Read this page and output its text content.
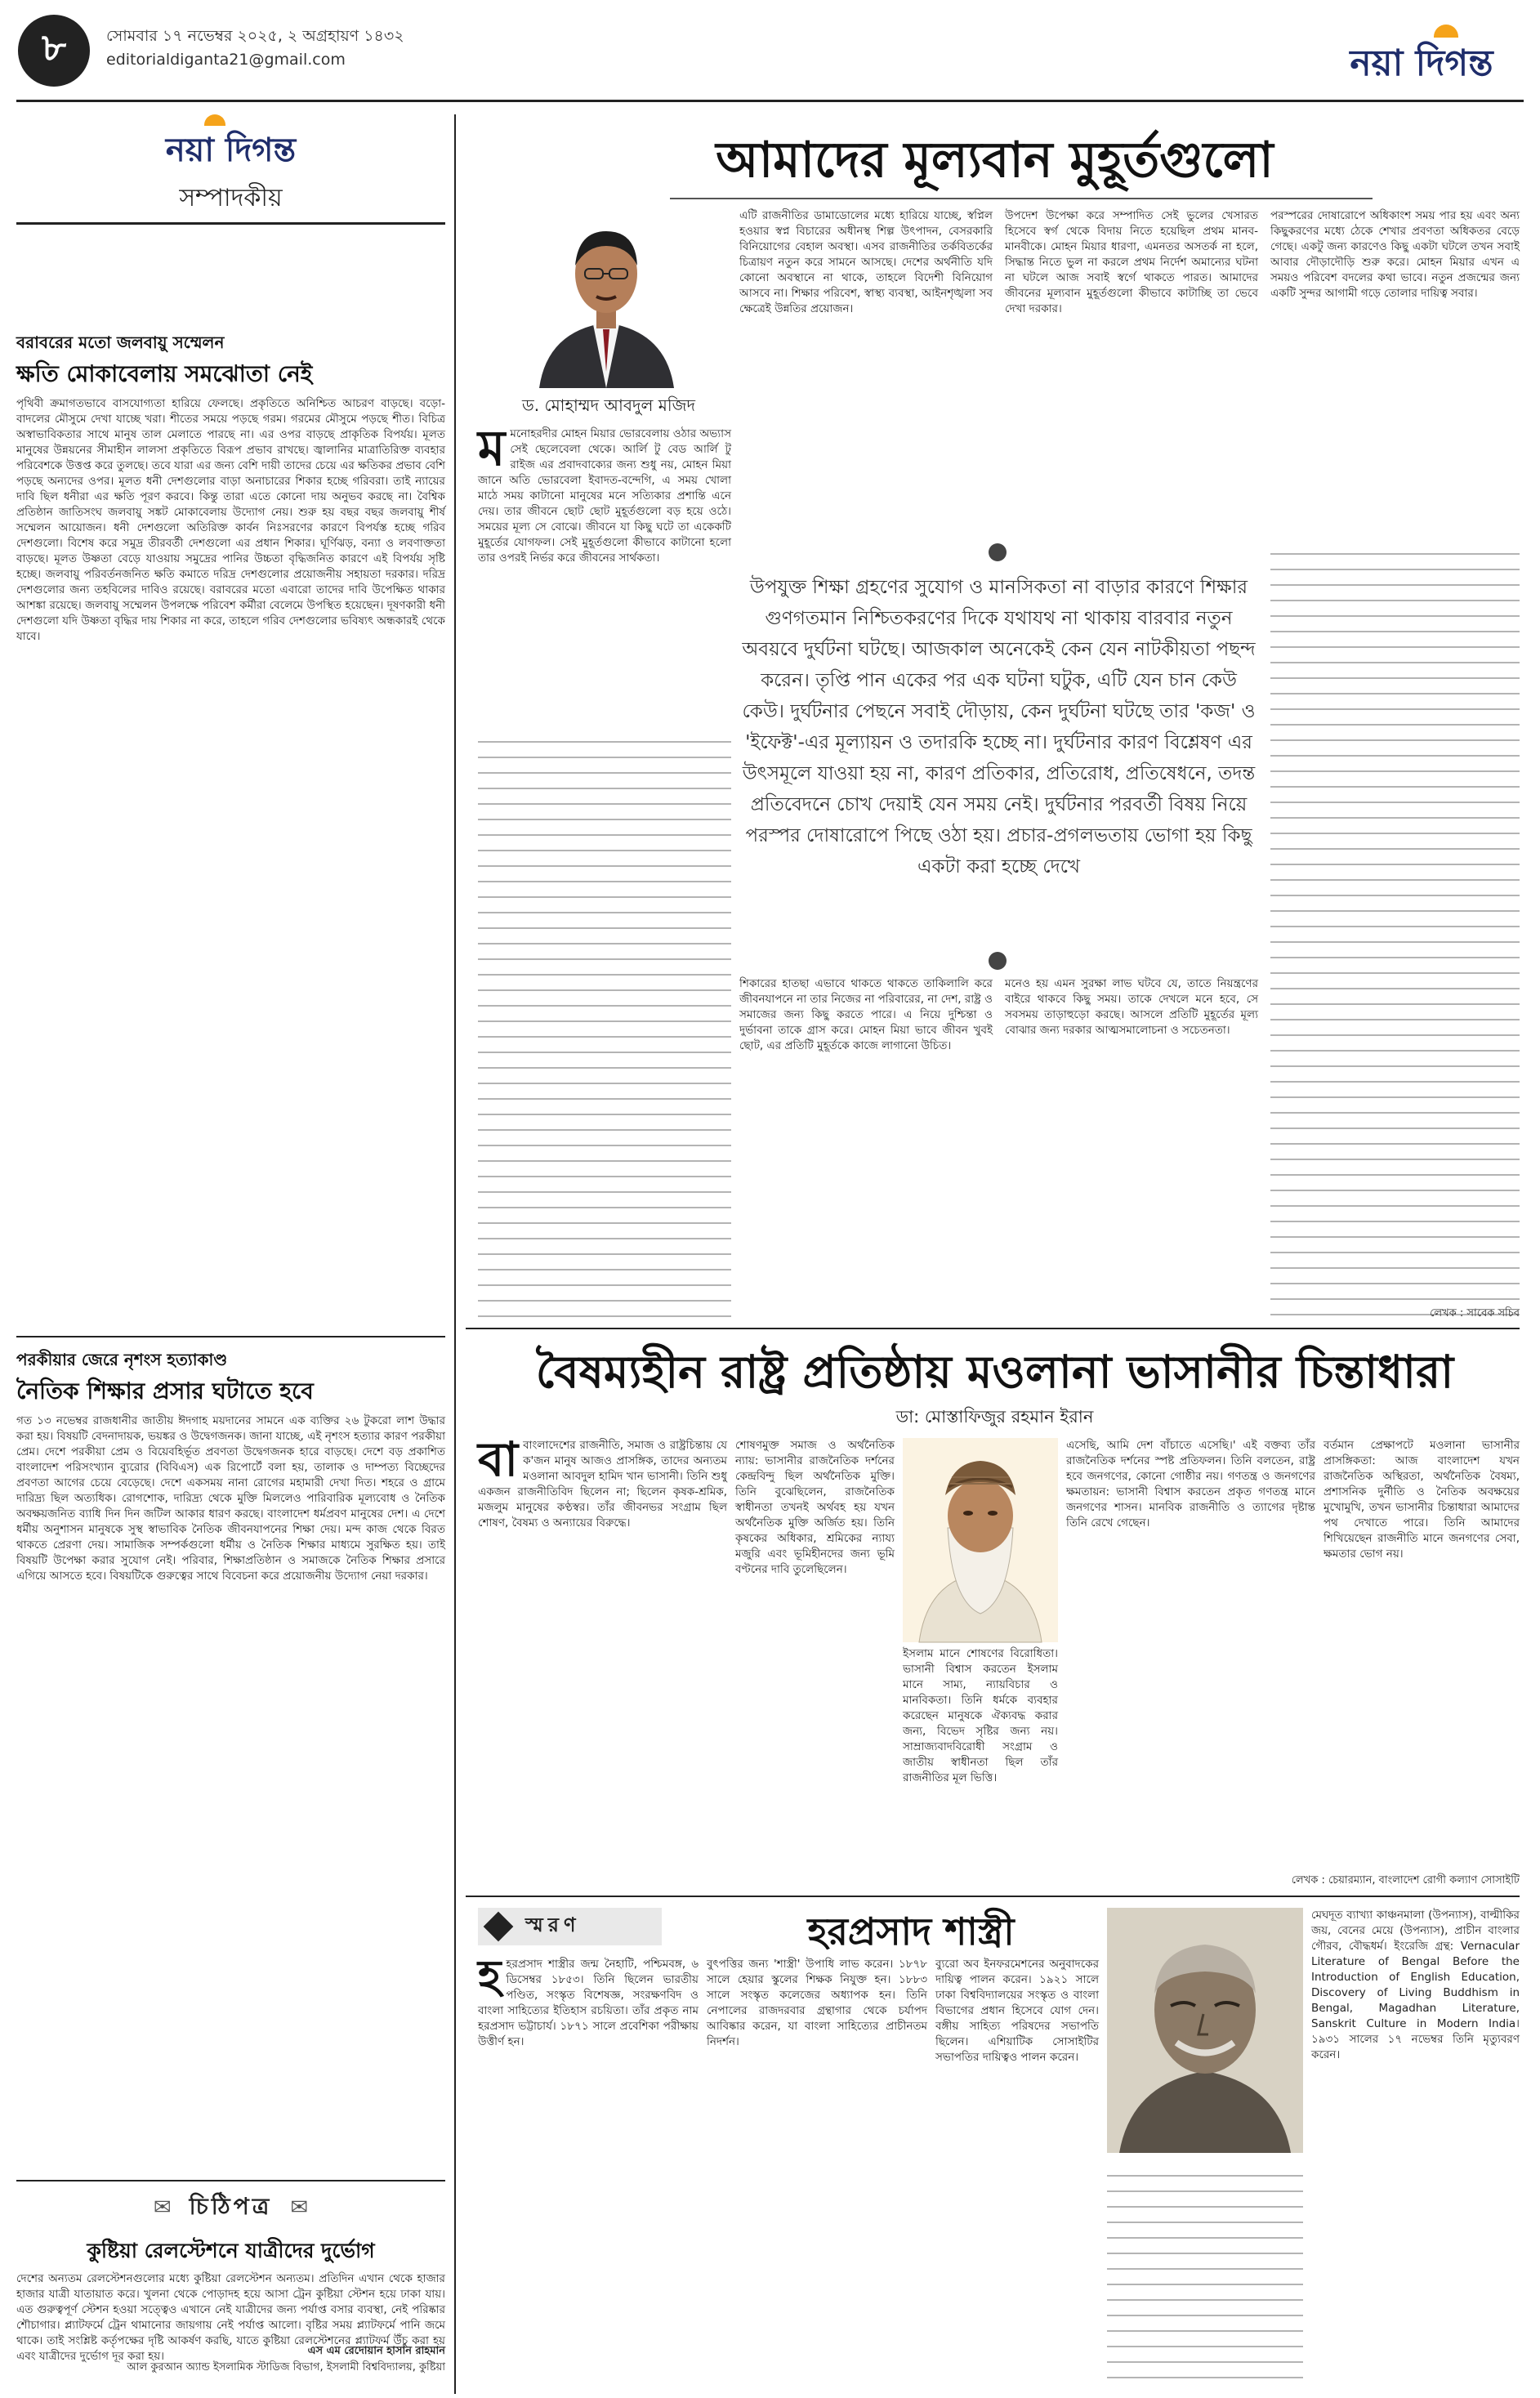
৮	সোমবার ১৭ নভেম্বর ২০২৫, ২ অগ্রহায়ণ ১৪৩২
editorialdiganta21@gmail.com	নয়া দিগন্ত
নয়া দিগন্ত
সম্পাদকীয়
বরাবরের মতো জলবায়ু সম্মেলন
ক্ষতি মোকাবেলায় সমঝোতা নেই
পৃথিবী ক্রমাগতভাবে বাসযোগ্যতা হারিয়ে ফেলছে। প্রকৃতিতে অনিশ্চিত আচরণ বাড়ছে। বড়ো-বাদলের মৌসুমে দেখা যাচ্ছে খরা। শীতের সময়ে পড়ছে গরম। গরমের মৌসুমে পড়ছে শীত। বিচিত্র অস্বাভাবিকতার সাথে মানুষ তাল মেলাতে পারছে না। এর ওপর বাড়ছে প্রাকৃতিক বিপর্যয়। মূলত মানুষের উন্নয়নের সীমাহীন লালসা প্রকৃতিতে বিরূপ প্রভাব রাখছে। জ্বালানির মাত্রাতিরিক্ত ব্যবহার পরিবেশকে উত্তপ্ত করে তুলছে। তবে যারা এর জন্য বেশি দায়ী তাদের চেয়ে এর ক্ষতিকর প্রভাব বেশি পড়ছে অন্যদের ওপর। মূলত ধনী দেশগুলোর বাড়া অনাচারের শিকার হচ্ছে গরিবরা। তাই ন্যায়ের দাবি ছিল ধনীরা এর ক্ষতি পূরণ করবে। কিন্তু তারা এতে কোনো দায় অনুভব করছে না। বৈশ্বিক প্রতিষ্ঠান জাতিসংঘ জলবায়ু সঙ্কট মোকাবেলায় উদ্যোগ নেয়। শুরু হয় বছর বছর জলবায়ু শীর্ষ সম্মেলন আয়োজন। ধনী দেশগুলো অতিরিক্ত কার্বন নিঃসরণের কারণে বিপর্যস্ত হচ্ছে গরিব দেশগুলো। বিশেষ করে সমুদ্র তীরবর্তী দেশগুলো এর প্রধান শিকার। ঘূর্ণিঝড়, বন্যা ও লবণাক্ততা বাড়ছে। মূলত উষ্ণতা বেড়ে যাওয়ায় সমুদ্রের পানির উচ্চতা বৃদ্ধিজনিত কারণে এই বিপর্যয় সৃষ্টি হচ্ছে। জলবায়ু পরিবর্তনজনিত ক্ষতি কমাতে দরিদ্র দেশগুলোর প্রয়োজনীয় সহায়তা দরকার। দরিদ্র দেশগুলোর জন্য তহবিলের দাবিও রয়েছে। বরাবরের মতো এবারো তাদের দাবি উপেক্ষিত থাকার আশঙ্কা রয়েছে। জলবায়ু সম্মেলন উপলক্ষে পরিবেশ কর্মীরা বেলেমে উপস্থিত হয়েছেন। দূষণকারী ধনী দেশগুলো যদি উষ্ণতা বৃদ্ধির দায় শিকার না করে, তাহলে গরিব দেশগুলোর ভবিষ্যৎ অন্ধকারই থেকে যাবে।
পরকীয়ার জেরে নৃশংস হত্যাকাণ্ড
নৈতিক শিক্ষার প্রসার ঘটাতে হবে
গত ১৩ নভেম্বর রাজধানীর জাতীয় ঈদগাহ ময়দানের সামনে এক ব্যক্তির ২৬ টুকরো লাশ উদ্ধার করা হয়। বিষয়টি বেদনাদায়ক, ভয়ঙ্কর ও উদ্বেগজনক। জানা যাচ্ছে, এই নৃশংস হত্যার কারণ পরকীয়া প্রেম। দেশে পরকীয়া প্রেম ও বিয়েবহির্ভূত প্রবণতা উদ্বেগজনক হারে বাড়ছে। দেশে বড় প্রকাশিত বাংলাদেশ পরিসংখ্যান ব্যুরোর (বিবিএস) এক রিপোর্টে বলা হয়, তালাক ও দাম্পত্য বিচ্ছেদের প্রবণতা আগের চেয়ে বেড়েছে। দেশে একসময় নানা রোগের মহামারী দেখা দিত। শহরে ও গ্রামে দারিদ্র্য ছিল অত্যধিক। রোগশোক, দারিদ্র্য থেকে মুক্তি মিললেও পারিবারিক মূল্যবোধ ও নৈতিক অবক্ষয়জনিত ব্যাধি দিন দিন জটিল আকার ধারণ করছে। বাংলাদেশ ধর্মপ্রবণ মানুষের দেশ। এ দেশে ধর্মীয় অনুশাসন মানুষকে সুস্থ স্বাভাবিক নৈতিক জীবনযাপনের শিক্ষা দেয়। মন্দ কাজ থেকে বিরত থাকতে প্রেরণা দেয়। সামাজিক সম্পর্কগুলো ধর্মীয় ও নৈতিক শিক্ষার মাধ্যমে সুরক্ষিত হয়। তাই বিষয়টি উপেক্ষা করার সুযোগ নেই। পরিবার, শিক্ষাপ্রতিষ্ঠান ও সমাজকে নৈতিক শিক্ষার প্রসারে এগিয়ে আসতে হবে। বিষয়টিকে গুরুত্বের সাথে বিবেচনা করে প্রয়োজনীয় উদ্যোগ নেয়া দরকার।
✉ চিঠিপত্র ✉
কুষ্টিয়া রেলস্টেশনে যাত্রীদের দুর্ভোগ
দেশের অন্যতম রেলস্টেশনগুলোর মধ্যে কুষ্টিয়া রেলস্টেশন অন্যতম। প্রতিদিন এখান থেকে হাজার হাজার যাত্রী যাতায়াত করে। খুলনা থেকে পোড়াদহ হয়ে আসা ট্রেন কুষ্টিয়া স্টেশন হয়ে ঢাকা যায়। এত গুরুত্বপূর্ণ স্টেশন হওয়া সত্ত্বেও এখানে নেই যাত্রীদের জন্য পর্যাপ্ত বসার ব্যবস্থা, নেই পরিষ্কার শৌচাগার। প্ল্যাটফর্মে ট্রেন থামানোর জায়গায় নেই পর্যাপ্ত আলো। বৃষ্টির সময় প্ল্যাটফর্মে পানি জমে থাকে। তাই সংশ্লিষ্ট কর্তৃপক্ষের দৃষ্টি আকর্ষণ করছি, যাতে কুষ্টিয়া রেলস্টেশনের প্ল্যাটফর্ম উঁচু করা হয় এবং যাত্রীদের দুর্ভোগ দূর করা হয়।	এস এম রেদোয়ান হাসান রাহমান
আল কুরআন অ্যান্ড ইসলামিক স্টাডিজ বিভাগ, ইসলামী বিশ্ববিদ্যালয়, কুষ্টিয়া
আমাদের মূল্যবান মুহূর্তগুলো
ড. মোহাম্মদ আবদুল মজিদ
ম মনোহরদীর মোহন মিয়ার ভোরবেলায় ওঠার অভ্যাস সেই ছেলেবেলা থেকে। আর্লি টু বেড আর্লি টু রাইজ এর প্রবাদবাক্যের জন্য শুধু নয়, মোহন মিয়া জানে অতি ভোরবেলা ইবাদত-বন্দেগি, এ সময় খোলা মাঠে সময় কাটানো মানুষের মনে সত্যিকার প্রশান্তি এনে দেয়। তার জীবনে ছোট ছোট মুহূর্তগুলো বড় হয়ে ওঠে। সময়ের মূল্য সে বোঝে। জীবনে যা কিছু ঘটে তা একেকটি মুহূর্তের যোগফল। সেই মুহূর্তগুলো কীভাবে কাটানো হলো তার ওপরই নির্ভর করে জীবনের সার্থকতা।
এটি রাজনীতির ডামাডোলের মধ্যে হারিয়ে যাচ্ছে, স্বপ্নিল হওয়ার স্বপ্ন বিচারের অধীনস্থ শিল্প উৎপাদন, বেসরকারি বিনিয়োগের বেহাল অবস্থা। এসব রাজনীতির তর্কবিতর্কের চিত্রায়ণ নতুন করে সামনে আসছে। দেশের অর্থনীতি যদি কোনো অবস্থানে না থাকে, তাহলে বিদেশী বিনিয়োগ আসবে না। শিক্ষার পরিবেশ, স্বাস্থ্য ব্যবস্থা, আইনশৃঙ্খলা সব ক্ষেত্রেই উন্নতির প্রয়োজন।
উপদেশ উপেক্ষা করে সম্পাদিত সেই ভুলের খেসারত হিসেবে স্বর্গ থেকে বিদায় নিতে হয়েছিল প্রথম মানব-মানবীকে। মোহন মিয়ার ধারণা, এমনতর অসতর্ক না হলে, সিদ্ধান্ত নিতে ভুল না করলে প্রথম নির্দেশ অমান্যের ঘটনা না ঘটলে আজ সবাই স্বর্গে থাকতে পারত। আমাদের জীবনের মূল্যবান মুহূর্তগুলো কীভাবে কাটাচ্ছি তা ভেবে দেখা দরকার।
পরস্পরের দোষারোপে অধিকাংশ সময় পার হয় এবং অন্য কিছুকরণের মধ্যে ঠেকে শেখার প্রবণতা অধিকতর বেড়ে গেছে। একটু জন্য কারণেও কিছু একটা ঘটলে তখন সবাই আবার দৌড়াদৌড়ি শুরু করে। মোহন মিয়ার এখন এ সময়ও পরিবেশ বদলের কথা ভাবে। নতুন প্রজন্মের জন্য একটি সুন্দর আগামী গড়ে তোলার দায়িত্ব সবার।
উপযুক্ত শিক্ষা গ্রহণের সুযোগ ও মানসিকতা না বাড়ার কারণে শিক্ষার গুণগতমান নিশ্চিতকরণের দিকে যথাযথ না থাকায় বারবার নতুন অবয়বে দুর্ঘটনা ঘটছে। আজকাল অনেকেই কেন যেন নাটকীয়তা পছন্দ করেন। তৃপ্তি পান একের পর এক ঘটনা ঘটুক, এটি যেন চান কেউ কেউ। দুর্ঘটনার পেছনে সবাই দৌড়ায়, কেন দুর্ঘটনা ঘটছে তার 'কজ' ও 'ইফেক্ট'-এর মূল্যায়ন ও তদারকি হচ্ছে না। দুর্ঘটনার কারণ বিশ্লেষণ এর উৎসমূলে যাওয়া হয় না, কারণ প্রতিকার, প্রতিরোধ, প্রতিষেধনে, তদন্ত প্রতিবেদনে চোখ দেয়াই যেন সময় নেই। দুর্ঘটনার পরবর্তী বিষয় নিয়ে পরস্পর দোষারোপে পিছে ওঠা হয়। প্রচার-প্রগলভতায় ভোগা হয় কিছু একটা করা হচ্ছে দেখে
শিকারের হাতছা এভাবে থাকতে থাকতে তাকিলালি করে জীবনযাপনে না তার নিজের না পরিবারের, না দেশ, রাষ্ট্র ও সমাজের জন্য কিছু করতে পারে। এ নিয়ে দুশ্চিন্তা ও দুর্ভাবনা তাকে গ্রাস করে। মোহন মিয়া ভাবে জীবন খুবই ছোট, এর প্রতিটি মুহূর্তকে কাজে লাগানো উচিত।
মনেও হয় এমন সুরক্ষা লাভ ঘটবে যে, তাতে নিয়ন্ত্রণের বাইরে থাকবে কিছু সময়। তাকে দেখলে মনে হবে, সে সবসময় তাড়াহুড়ো করছে। আসলে প্রতিটি মুহূর্তের মূল্য বোঝার জন্য দরকার আত্মসমালোচনা ও সচেতনতা।
লেখক : সাবেক সচিব
বৈষম্যহীন রাষ্ট্র প্রতিষ্ঠায় মওলানা ভাসানীর চিন্তাধারা
ডা: মোস্তাফিজুর রহমান ইরান
বা বাংলাদেশের রাজনীতি, সমাজ ও রাষ্ট্রচিন্তায় যে ক'জন মানুষ আজও প্রাসঙ্গিক, তাদের অন্যতম মওলানা আবদুল হামিদ খান ভাসানী। তিনি শুধু একজন রাজনীতিবিদ ছিলেন না; ছিলেন কৃষক-শ্রমিক, মজলুম মানুষের কণ্ঠস্বর। তাঁর জীবনভর সংগ্রাম ছিল শোষণ, বৈষম্য ও অন্যায়ের বিরুদ্ধে।
শোষণমুক্ত সমাজ ও অর্থনৈতিক ন্যায়: ভাসানীর রাজনৈতিক দর্শনের কেন্দ্রবিন্দু ছিল অর্থনৈতিক মুক্তি। তিনি বুঝেছিলেন, রাজনৈতিক স্বাধীনতা তখনই অর্থবহ হয় যখন অর্থনৈতিক মুক্তি অর্জিত হয়। তিনি কৃষকের অধিকার, শ্রমিকের ন্যায্য মজুরি এবং ভূমিহীনদের জন্য ভূমি বণ্টনের দাবি তুলেছিলেন।
ইসলাম মানে শোষণের বিরোধিতা। ভাসানী বিশ্বাস করতেন ইসলাম মানে সাম্য, ন্যায়বিচার ও মানবিকতা। তিনি ধর্মকে ব্যবহার করেছেন মানুষকে ঐক্যবদ্ধ করার জন্য, বিভেদ সৃষ্টির জন্য নয়। সাম্রাজ্যবাদবিরোধী সংগ্রাম ও জাতীয় স্বাধীনতা ছিল তাঁর রাজনীতির মূল ভিত্তি।
এসেছি, আমি দেশ বাঁচাতে এসেছি।' এই বক্তব্য তাঁর রাজনৈতিক দর্শনের স্পষ্ট প্রতিফলন। তিনি বলতেন, রাষ্ট্র হবে জনগণের, কোনো গোষ্ঠীর নয়। গণতন্ত্র ও জনগণের ক্ষমতায়ন: ভাসানী বিশ্বাস করতেন প্রকৃত গণতন্ত্র মানে জনগণের শাসন। মানবিক রাজনীতি ও ত্যাগের দৃষ্টান্ত তিনি রেখে গেছেন।
বর্তমান প্রেক্ষাপটে মওলানা ভাসানীর প্রাসঙ্গিকতা: আজ বাংলাদেশ যখন রাজনৈতিক অস্থিরতা, অর্থনৈতিক বৈষম্য, প্রশাসনিক দুর্নীতি ও নৈতিক অবক্ষয়ের মুখোমুখি, তখন ভাসানীর চিন্তাধারা আমাদের পথ দেখাতে পারে। তিনি আমাদের শিখিয়েছেন রাজনীতি মানে জনগণের সেবা, ক্ষমতার ভোগ নয়।
লেখক : চেয়ারম্যান, বাংলাদেশ রোগী কল্যাণ সোসাইটি
স্মরণ	হরপ্রসাদ শাস্ত্রী
হ হরপ্রসাদ শাস্ত্রীর জন্ম নৈহাটি, পশ্চিমবঙ্গ, ৬ ডিসেম্বর ১৮৫৩। তিনি ছিলেন ভারতীয় পণ্ডিত, সংস্কৃত বিশেষজ্ঞ, সংরক্ষণবিদ ও বাংলা সাহিত্যের ইতিহাস রচয়িতা। তাঁর প্রকৃত নাম হরপ্রসাদ ভট্টাচার্য। ১৮৭১ সালে প্রবেশিকা পরীক্ষায় উত্তীর্ণ হন।
বুৎপত্তির জন্য 'শাস্ত্রী' উপাধি লাভ করেন। ১৮৭৮ সালে হেয়ার স্কুলের শিক্ষক নিযুক্ত হন। ১৮৮৩ সালে সংস্কৃত কলেজের অধ্যাপক হন। তিনি নেপালের রাজদরবার গ্রন্থাগার থেকে চর্যাপদ আবিষ্কার করেন, যা বাংলা সাহিত্যের প্রাচীনতম নিদর্শন।
ব্যুরো অব ইনফরমেশনের অনুবাদকের দায়িত্ব পালন করেন। ১৯২১ সালে ঢাকা বিশ্ববিদ্যালয়ের সংস্কৃত ও বাংলা বিভাগের প্রধান হিসেবে যোগ দেন। বঙ্গীয় সাহিত্য পরিষদের সভাপতি ছিলেন। এশিয়াটিক সোসাইটির সভাপতির দায়িত্বও পালন করেন।
মেঘদূত ব্যাখ্যা কাঞ্চনমালা (উপন্যাস), বাল্মীকির জয়, বেনের মেয়ে (উপন্যাস), প্রাচীন বাংলার গৌরব, বৌদ্ধধর্ম। ইংরেজি গ্রন্থ: Vernacular Literature of Bengal Before the Introduction of English Education, Discovery of Living Buddhism in Bengal, Magadhan Literature, Sanskrit Culture in Modern India। ১৯৩১ সালের ১৭ নভেম্বর তিনি মৃত্যুবরণ করেন।
